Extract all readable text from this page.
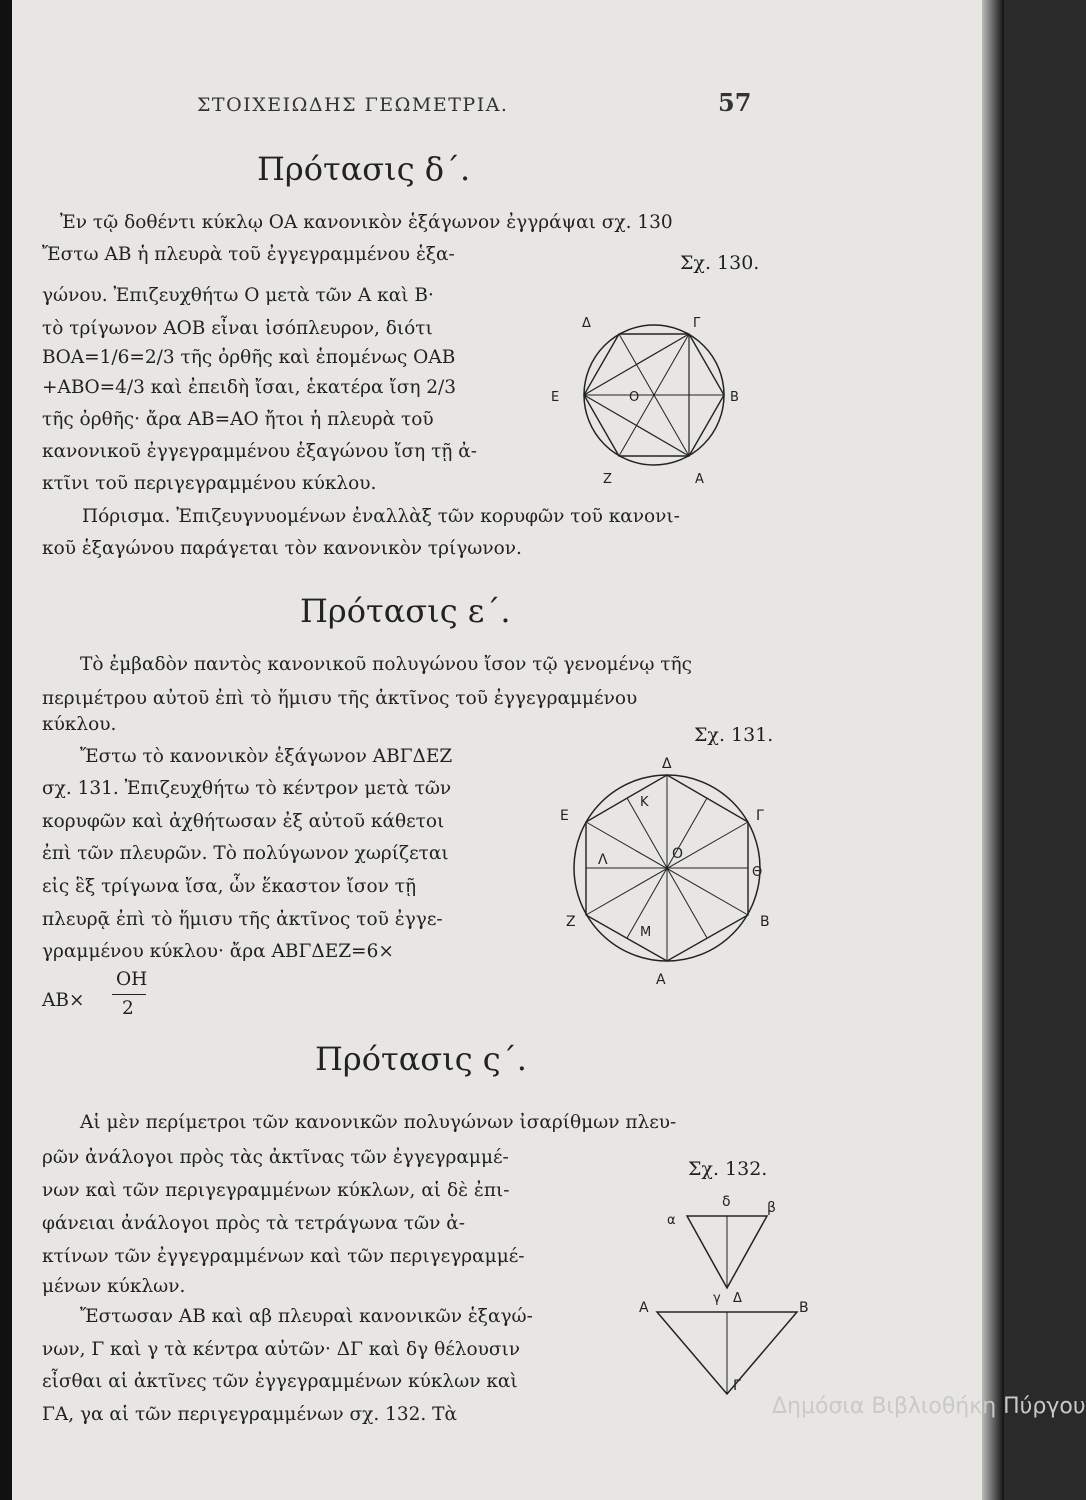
ΣΤΟΙΧΕΙΩΔΗΣ ΓΕΩΜΕΤΡΙΑ.	57
Πρότασις δ΄.
Ἐν τῷ δοθέντι κύκλῳ ΟΑ κανονικὸν ἑξάγωνον ἐγγράψαι σχ. 130
Ἔστω ΑΒ ἡ πλευρὰ τοῦ ἐγγεγραμμένου ἑξα-
γώνου. Ἐπιζευχθήτω Ο μετὰ τῶν Α καὶ Β·
τὸ τρίγωνον ΑΟΒ εἶναι ἰσόπλευρον, διότι
ΒΟΑ=1/6=2/3 τῆς ὀρθῆς καὶ ἑπομένως ΟΑΒ
+ΑΒΟ=4/3 καὶ ἐπειδὴ ἴσαι, ἑκατέρα ἴση 2/3
τῆς ὀρθῆς· ἄρα ΑΒ=ΑΟ ἤτοι ἡ πλευρὰ τοῦ
κανονικοῦ ἐγγεγραμμένου ἑξαγώνου ἴση τῇ ἀ-
κτῖνι τοῦ περιγεγραμμένου κύκλου.
Πόρισμα. Ἐπιζευγνυομένων ἐναλλὰξ τῶν κορυφῶν τοῦ κανονι-
κοῦ ἑξαγώνου παράγεται τὸν κανονικὸν τρίγωνον.
Σχ. 130.
Δ	Γ
Ε	Ο	Β
Ζ	Α
Πρότασις ε΄.
Τὸ ἐμβαδὸν παντὸς κανονικοῦ πολυγώνου ἴσον τῷ γενομένῳ τῆς
περιμέτρου αὐτοῦ ἐπὶ τὸ ἥμισυ τῆς ἀκτῖνος τοῦ ἐγγεγραμμένου
κύκλου.
Ἔστω τὸ κανονικὸν ἑξάγωνον ΑΒΓΔΕΖ
σχ. 131. Ἐπιζευχθήτω τὸ κέντρον μετὰ τῶν
κορυφῶν καὶ ἀχθήτωσαν ἐξ αὐτοῦ κάθετοι
ἐπὶ τῶν πλευρῶν. Τὸ πολύγωνον χωρίζεται
εἰς ἓξ τρίγωνα ἴσα, ὧν ἕκαστον ἴσον τῇ
πλευρᾷ ἐπὶ τὸ ἥμισυ τῆς ἀκτῖνος τοῦ ἐγγε-
γραμμένου κύκλου· ἄρα ΑΒΓΔΕΖ=6×
ΑΒ×
ΟΗ
2
Σχ. 131.
Δ
Ε	Γ
Κ
Ο
Λ
Θ
Ζ	Β
Μ
Α
Πρότασις ς΄.
Αἱ μὲν περίμετροι τῶν κανονικῶν πολυγώνων ἰσαρίθμων πλευ-
ρῶν ἀνάλογοι πρὸς τὰς ἀκτῖνας τῶν ἐγγεγραμμέ-
νων καὶ τῶν περιγεγραμμένων κύκλων, αἱ δὲ ἐπι-
φάνειαι ἀνάλογοι πρὸς τὰ τετράγωνα τῶν ἀ-
κτίνων τῶν ἐγγεγραμμένων καὶ τῶν περιγεγραμμέ-
μένων κύκλων.
Ἔστωσαν ΑΒ καὶ αβ πλευραὶ κανονικῶν ἑξαγώ-
νων, Γ καὶ γ τὰ κέντρα αὐτῶν· ΔΓ καὶ δγ θέλουσιν
εἶσθαι αἱ ἀκτῖνες τῶν ἐγγεγραμμένων κύκλων καὶ
ΓΑ, γα αἱ τῶν περιγεγραμμένων σχ. 132. Τὰ
Σχ. 132.
δ	β
α
γ Δ
Α	Β
Γ
Δημόσια Βιβλιοθήκη Πύργου
